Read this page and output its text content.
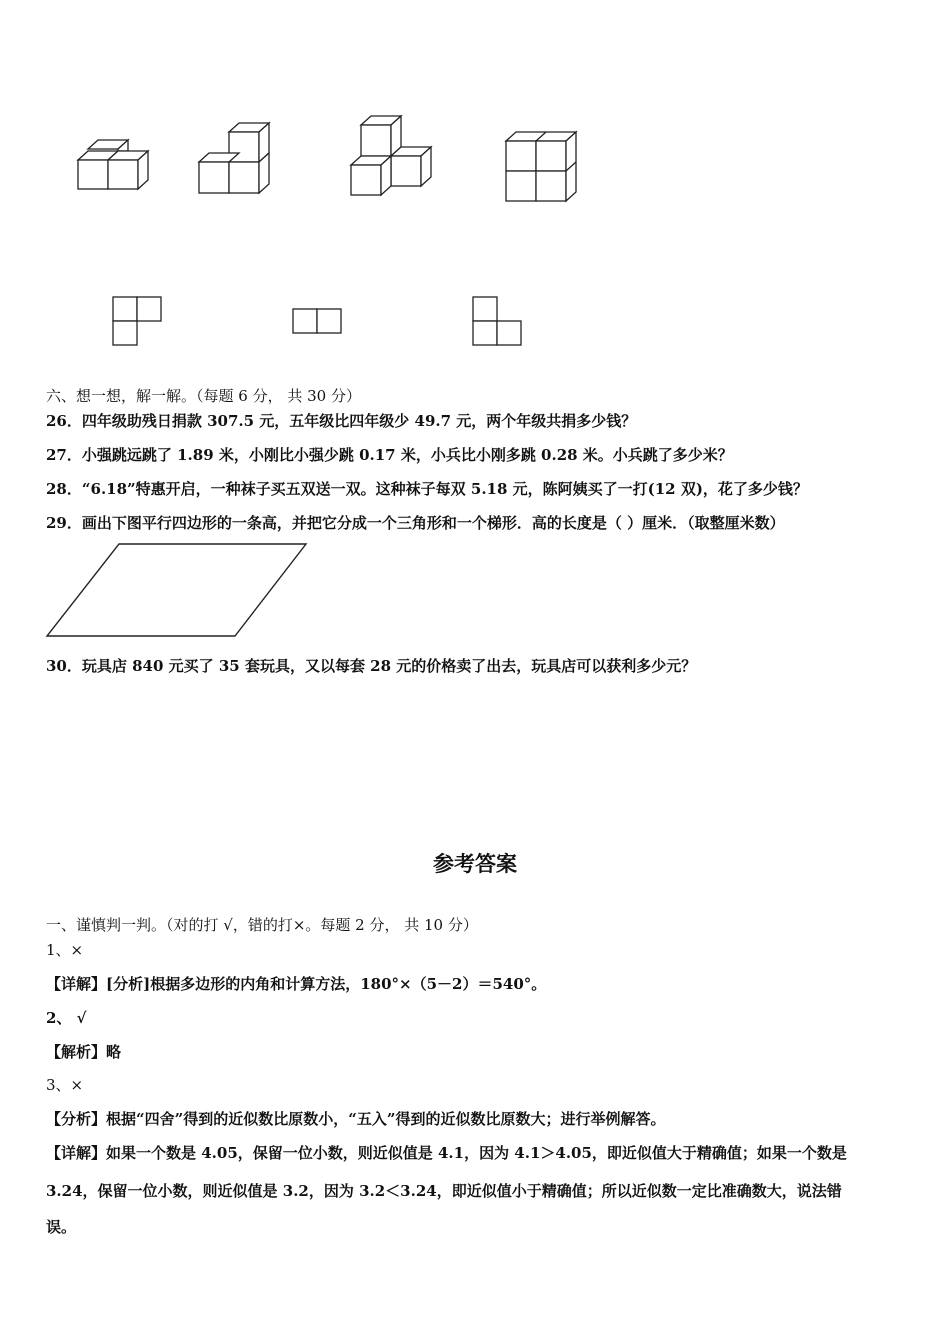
六、想一想，解一解。（每题 6 分， 共 30 分）
26．四年级助残日捐款 307.5 元，五年级比四年级少 49.7 元，两个年级共捐多少钱？
27．小强跳远跳了 1.89 米，小刚比小强少跳 0.17 米，小兵比小刚多跳 0.28 米。小兵跳了多少米？
28．“6.18”特惠开启，一种袜子买五双送一双。这种袜子每双 5.18 元，陈阿姨买了一打(12 双)，花了多少钱？
29．画出下图平行四边形的一条高，并把它分成一个三角形和一个梯形．高的长度是（ ）厘米．（取整厘米数）
30．玩具店 840 元买了 35 套玩具，又以每套 28 元的价格卖了出去，玩具店可以获利多少元？
参考答案
一、谨慎判一判。（对的打 √，错的打×。每题 2 分， 共 10 分）
1、×
【详解】[分析]根据多边形的内角和计算方法，180°×（5－2）＝540°。
2、 √
【解析】略
3、×
【分析】根据“四舍”得到的近似数比原数小，“五入”得到的近似数比原数大；进行举例解答。
【详解】如果一个数是 4.05，保留一位小数，则近似值是 4.1，因为 4.1＞4.05，即近似值大于精确值；如果一个数是
3.24，保留一位小数，则近似值是 3.2，因为 3.2＜3.24，即近似值小于精确值；所以近似数一定比准确数大，说法错
误。
